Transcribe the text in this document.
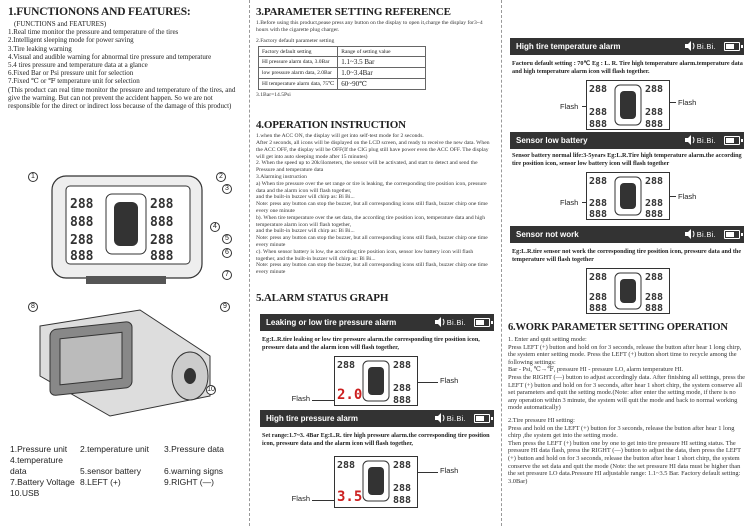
1.FUNCTIONONS AND FEATURES:
(FUNCTIONS and FEATURES)
1.Real time monitor the pressure and temperature of the tires
2.Intelligent sleeping mode for power saving
3.Tire leaking warning
4.Visual and audible warning for abnormal tire pressure and temperature
5.4 tires pressure and temperature data at a glance
6.Fixed Bar or Psi pressure unit for selection
7.Fixed ℃ or ℉ temperature unit for selection
(This product can real time monitor the pressure and temperature of the tires, and give the warning. But can not prevent the accident happen. So we are not responsible for the direct or indirect loss because of the damage of this product)
288	288
888	888
288	288
888	888
1	2
3
4
5
6
7
8	9
10
1.Pressure unit 2.temperature unit 3.Pressure data
4.temperature data	5.sensor battery	6.warning signs
7.Battery Voltage 8.LEFT (+)	9.RIGHT (—)
10.USB
3.PARAMETER SETTING REFERENCE
1.Before using this product,pease press any button on the display to open it,charge the display for3~4 hours with the cigarette plug charger.
2.Factory default parameter setting
Factory default setting	Range of setting value
HI pressure alarm data, 3.0Bar	1.1~3.5 Bar
low pressure alarm data, 2.0Bar	1.0~3.4Bar
HI temperature alarm data, 75℃	60~90℃
3.1Bar=14.5Psi
4.OPERATION INSTRUCTION
1.when the ACC ON, the display will get into self-test mode for 2 seconds.
After 2 seconds, all icons will be displayed on the LCD screen, and ready to receive the new data. When the ACC OFF, the display will be OFF(If the CIG plug still have power even the ACC OFF. The display will get into auto sleeping mode after 15 minutes)
2. When the speed up to 20k/ilometers, the sensor will be activated, and start to detect and send the Pressure and temperature data
3.Alarming instruction
a) When tire pressure over the set range or tire is leaking, the corresponding tire position icon, pressure data and the alarm icon will flash together,
and the built-in buzzer will chirp as: Bi Bi...
Note: press any button can stop the buzzer, but all corresponding icons still flash, buzzer chirp one time every one minute
b). When tire temperature over the set data, the according tire position icon, temperature data and high temperature alarm icon will flash together,
and the built-in buzzer will chirp as: Bi Bi...
Note: press any button can stop the buzzer, but all corresponding icons still flash, buzzer chirp one time every minute
c). When sensor battery is low, the according tire position icon, sensor low battery icon will flash together, and the built-in buzzer will chirp as: Bi Bi...
Note: press any button can stop the buzzer, but all corresponding icons still flash, buzzer chirp one time every minute
5.ALARM STATUS GRAPH
Leaking or low tire pressure alarm	Bi.Bi.
Eg:L.R.tire leaking or low tire pressure alarm.the corresponding tire position icon, pressure data and the alarm icon will flash together,
288	288
288
888
2.0
Flash
Flash
High tire pressure alarm	Bi.Bi.
Set range:1.7~3. 4Bar Eg:L.R. tire high pressure alarm.the corresponding tire position icon, pressure data and the alarm icon will flash together,
288	288
288
888
3.5
Flash
Flash
High tire temperature alarm	Bi.Bi.
Factoru default setting : 70℃ Eg : L. R. Tire high temperature alarm.temperature data and high temperature alarm icon will flash together.
288	288
288	288
888	888
Flash	Flash
Sensor low battery	Bi.Bi.
Sensor battery normal life:3-5years Eg:L.R.Tire high temperature alarm.the according tire position icon, sensor low battery icon will flash together
288	288
288	288
888	888
Flash
Flash
Sensor not work	Bi.Bi.
Eg:L.R.tire sensor not work the corresponding tire position icon, pressure data and the temperature will flash together
288	288
288	288
888	888
6.WORK PARAMETER SETTING OPERATION
1. Enter and quit setting mode:
Press LEFT (+) button and hold on for 3 seconds, release the button after hear 1 long chirp, the system enter setting mode. Press the LEFT (+) button short time to recycle among the following settings:
Bar - Psi, ℃→℉, pressure HI - pressure LO, alarm temperature HI.
Press the RIGHT (—) button to adjust accordingly data. After finishing all settings, press the LEFT (+) button and hold on for 3 seconds, after hear 1 short chirp, the system conserve all set parameters and quit the setting mode.(Note: after enter the setting mode, if there is no any operation within 3 minute, the system will quit the mode and back to normal working mode automatically)
2.Tire pressure HI setting:
Press and hold on the LEFT (+) button for 3 seconds, release the button after hear 1 long chirp ,the system get into the setting mode.
Then press the LEFT (+) button one by one to get into tire pressure HI setting status. The pressure HI data flash, press the RIGHT (—) button to adjust the data, then press the LEFT (+) button and hold on for 3 seconds, release the button after hear 1 short chirp, the system conserve the set data and quit the mode (Note: the set pressure HI data must be higher than the set pressure LO data.Pressure HI adjustable range: 1.1~3.5 Bar. Factory default setting: 3.0Bar)
